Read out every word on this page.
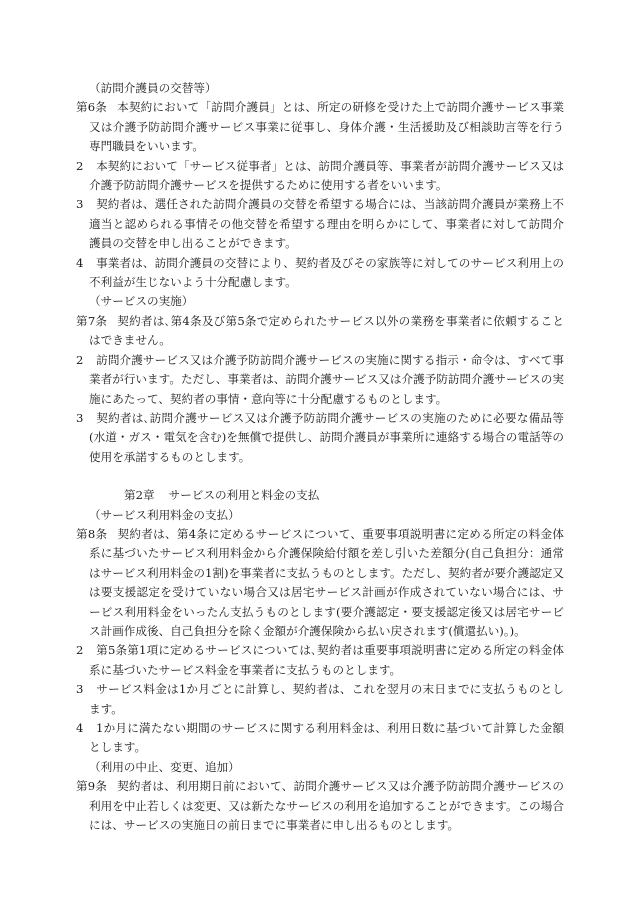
（訪問介護員の交替等）
第6条 本契約において「訪問介護員」とは、所定の研修を受けた上で訪問介護サービス事業又は介護予防訪問介護サービス事業に従事し、身体介護・生活援助及び相談助言等を行う専門職員をいいます。
2 本契約において「サービス従事者」とは、訪問介護員等、事業者が訪問介護サービス又は介護予防訪問介護サービスを提供するために使用する者をいいます。
3 契約者は、選任された訪問介護員の交替を希望する場合には、当該訪問介護員が業務上不適当と認められる事情その他交替を希望する理由を明らかにして、事業者に対して訪問介護員の交替を申し出ることができます。
4 事業者は、訪問介護員の交替により、契約者及びその家族等に対してのサービス利用上の不利益が生じないよう十分配慮します。
（サービスの実施）
第7条 契約者は､第4条及び第5条で定められたサービス以外の業務を事業者に依頼することはできません。
2 訪問介護サービス又は介護予防訪問介護サービスの実施に関する指示・命令は、すべて事業者が行います。ただし、事業者は、訪問介護サービス又は介護予防訪問介護サービスの実施にあたって、契約者の事情・意向等に十分配慮するものとします。
3 契約者は､訪問介護サービス又は介護予防訪問介護サービスの実施のために必要な備品等(水道・ガス・電気を含む)を無償で提供し、訪問介護員が事業所に連絡する場合の電話等の使用を承諾するものとします。
第2章 サービスの利用と料金の支払
（サービス利用料金の支払）
第8条 契約者は、第4条に定めるサービスについて、重要事項説明書に定める所定の料金体系に基づいたサービス利用料金から介護保険給付額を差し引いた差額分(自己負担分：通常はサービス利用料金の1割)を事業者に支払うものとします。ただし、契約者が要介護認定又は要支援認定を受けていない場合又は居宅サービス計画が作成されていない場合には、サービス利用料金をいったん支払うものとします(要介護認定・要支援認定後又は居宅サービス計画作成後、自己負担分を除く金額が介護保険から払い戻されます(償還払い)。)。
2 第5条第1項に定めるサービスについては､契約者は重要事項説明書に定める所定の料金体系に基づいたサービス料金を事業者に支払うものとします。
3 サービス料金は1か月ごとに計算し、契約者は、これを翌月の末日までに支払うものとします。
4 1か月に満たない期間のサービスに関する利用料金は、利用日数に基づいて計算した金額とします。
（利用の中止、変更、追加）
第9条 契約者は、利用期日前において、訪問介護サービス又は介護予防訪問介護サービスの利用を中止若しくは変更、又は新たなサービスの利用を追加することができます。この場合には、サービスの実施日の前日までに事業者に申し出るものとします。
